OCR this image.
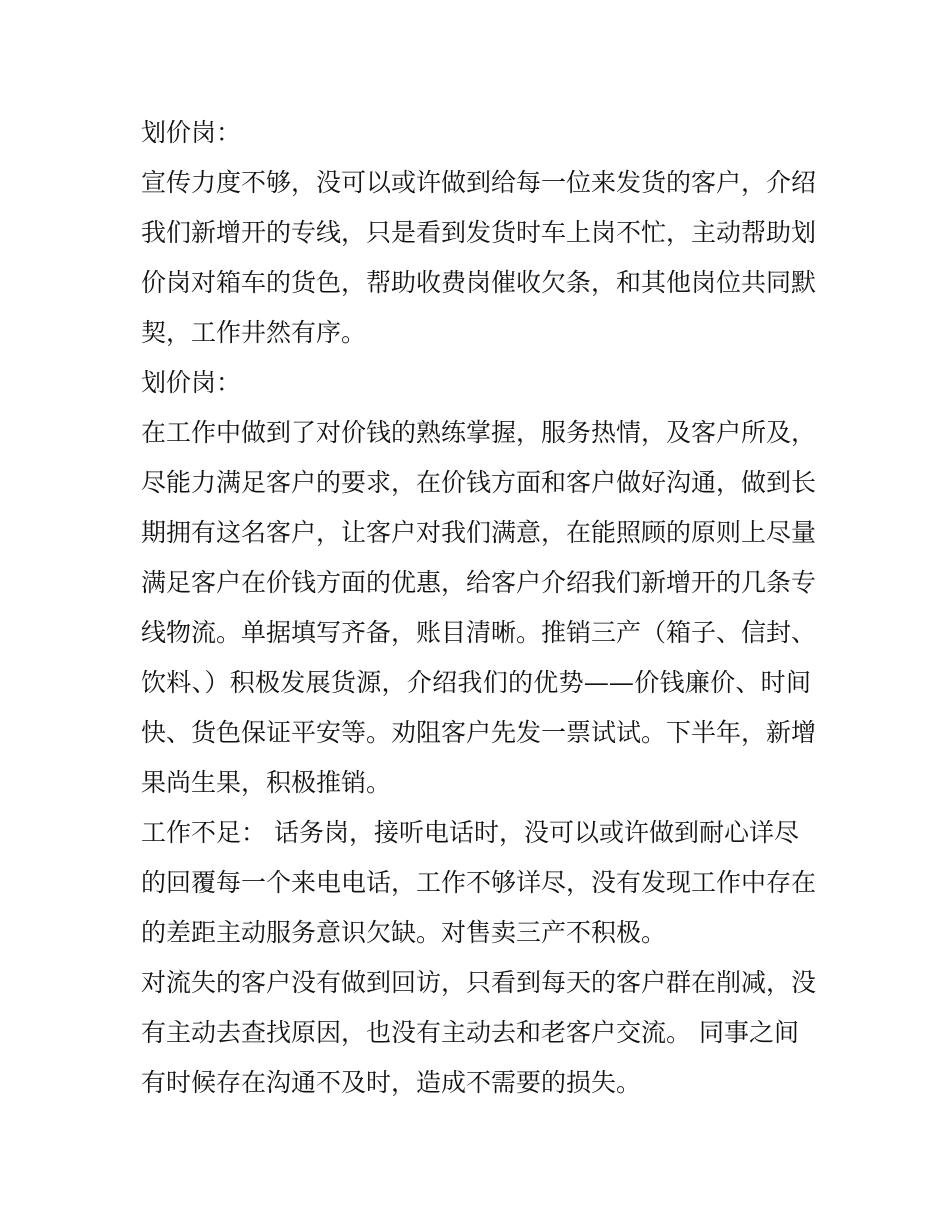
划价岗：
宣传力度不够，没可以或许做到给每一位来发货的客户，介绍
我们新增开的专线，只是看到发货时车上岗不忙，主动帮助划
价岗对箱车的货色，帮助收费岗催收欠条，和其他岗位共同默
契，工作井然有序。
划价岗：
在工作中做到了对价钱的熟练掌握，服务热情，及客户所及，
尽能力满足客户的要求，在价钱方面和客户做好沟通，做到长
期拥有这名客户，让客户对我们满意，在能照顾的原则上尽量
满足客户在价钱方面的优惠，给客户介绍我们新增开的几条专
线物流。单据填写齐备，账目清晰。推销三产（箱子、信封、
饮料、）积极发展货源，介绍我们的优势——价钱廉价、时间
快、货色保证平安等。劝阻客户先发一票试试。下半年，新增
果尚生果，积极推销。
工作不足： 话务岗，接听电话时，没可以或许做到耐心详尽
的回覆每一个来电电话，工作不够详尽，没有发现工作中存在
的差距主动服务意识欠缺。对售卖三产不积极。
对流失的客户没有做到回访，只看到每天的客户群在削减，没
有主动去查找原因，也没有主动去和老客户交流。 同事之间
有时候存在沟通不及时，造成不需要的损失。
